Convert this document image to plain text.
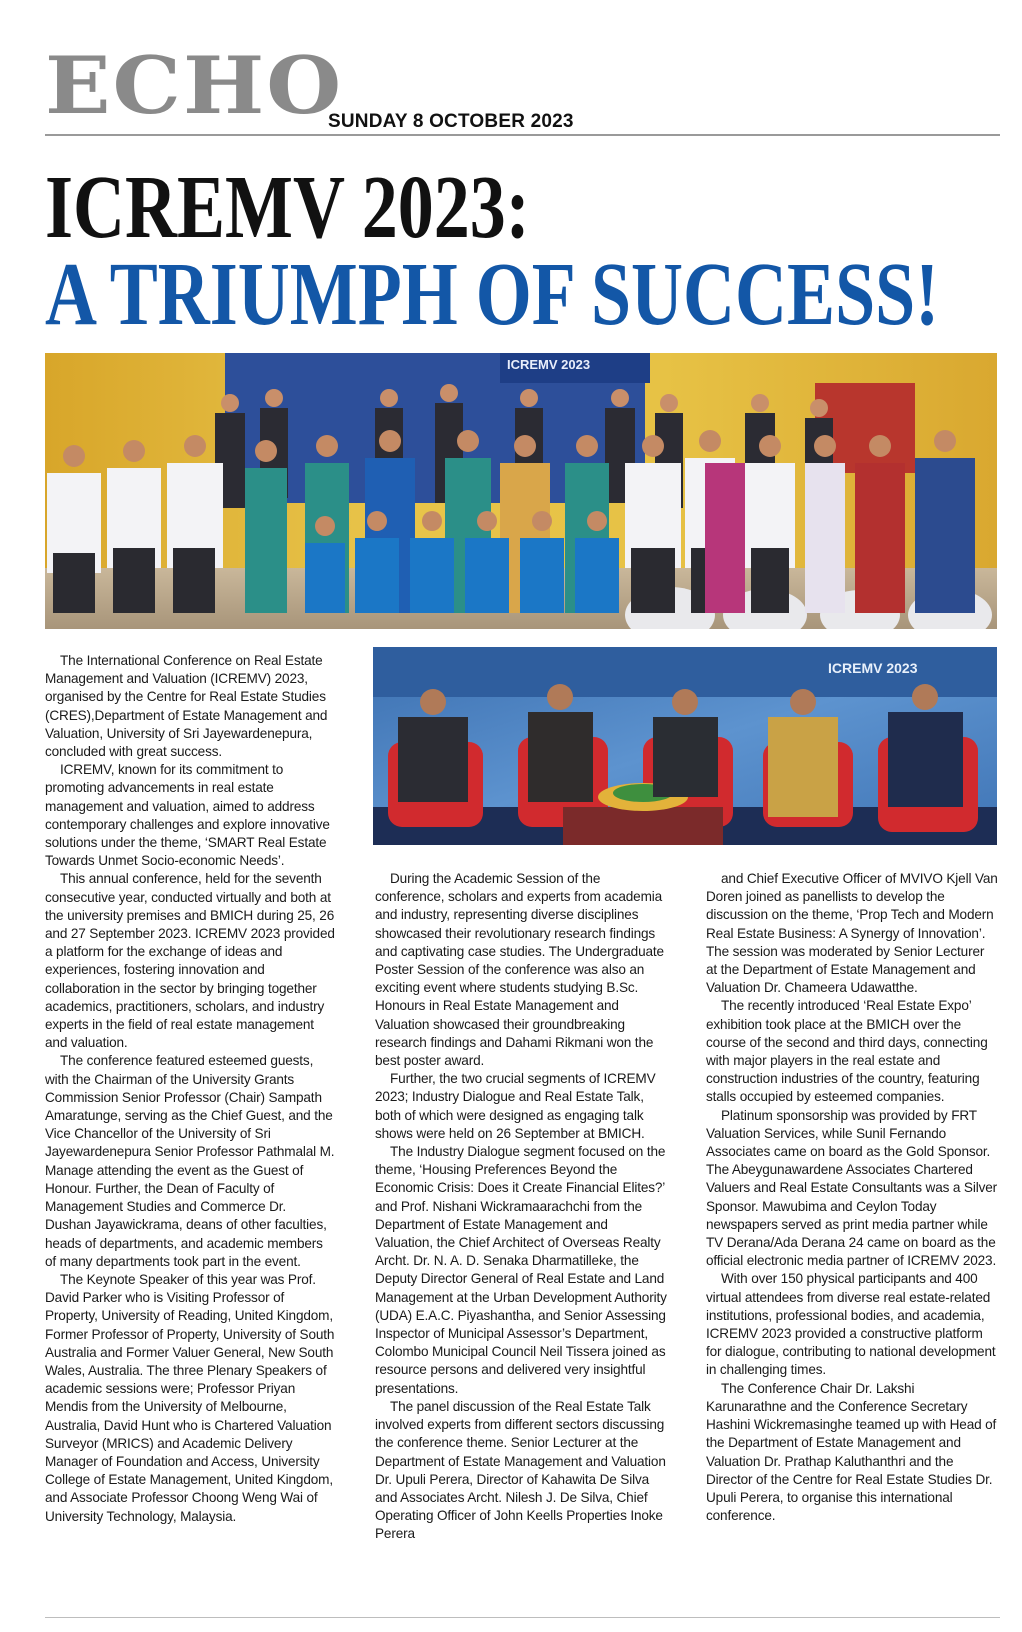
ECHO
SUNDAY 8 OCTOBER 2023
ICREMV 2023:
A TRIUMPH OF SUCCESS!
ICREMV 2023
ICREMV 2023

The International Conference on Real Estate Management and Valuation (ICREMV) 2023, organised by the Centre for Real Estate Studies (CRES),Department of Estate Management and Valuation, University of Sri Jayewardenepura, concluded with great success.

ICREMV, known for its commitment to promoting advancements in real estate management and valuation, aimed to address contemporary challenges and explore innovative solutions under the theme, ‘SMART Real Estate Towards Unmet Socio-economic Needs’.

This annual conference, held for the seventh consecutive year, conducted virtually and both at the university premises and BMICH during 25, 26 and 27 September 2023. ICREMV 2023 provided a platform for the exchange of ideas and experiences, fostering innovation and collaboration in the sector by bringing together academics, practitioners, scholars, and industry experts in the field of real estate management and valuation.

The conference featured esteemed guests, with the Chairman of the University Grants Commission Senior Professor (Chair) Sampath Amaratunge, serving as the Chief Guest, and the Vice Chancellor of the University of Sri Jayewardenepura Senior Professor Pathmalal M. Manage attending the event as the Guest of Honour. Further, the Dean of Faculty of Management Studies and Commerce Dr. Dushan Jayawickrama, deans of other faculties, heads of departments, and academic members of many departments took part in the event.

The Keynote Speaker of this year was Prof. David Parker who is Visiting Professor of Property, University of Reading, United Kingdom, Former Professor of Property, University of South Australia and Former Valuer General, New South Wales, Australia. The three Plenary Speakers of academic sessions were; Professor Priyan Mendis from the University of Melbourne, Australia, David Hunt who is Chartered Valuation Surveyor (MRICS) and Academic Delivery Manager of Foundation and Access, University College of Estate Management, United Kingdom, and Associate Professor Choong Weng Wai of University Technology, Malaysia.

During the Academic Session of the conference, scholars and experts from academia and industry, representing diverse disciplines showcased their revolutionary research findings and captivating case studies. The Undergraduate Poster Session of the conference was also an exciting event where students studying B.Sc. Honours in Real Estate Management and Valuation showcased their groundbreaking research findings and Dahami Rikmani won the best poster award.

Further, the two crucial segments of ICREMV 2023; Industry Dialogue and Real Estate Talk, both of which were designed as engaging talk shows were held on 26 September at BMICH.

The Industry Dialogue segment focused on the theme, ‘Housing Preferences Beyond the Economic Crisis: Does it Create Financial Elites?’ and Prof. Nishani Wickramaarachchi from the Department of Estate Management and Valuation, the Chief Architect of Overseas Realty Archt. Dr. N. A. D. Senaka Dharmatilleke, the Deputy Director General of Real Estate and Land Management at the Urban Development Authority (UDA) E.A.C. Piyashantha, and Senior Assessing Inspector of Municipal Assessor’s Department, Colombo Municipal Council Neil Tissera joined as resource persons and delivered very insightful presentations.

The panel discussion of the Real Estate Talk involved experts from different sectors discussing the conference theme. Senior Lecturer at the Department of Estate Management and Valuation Dr. Upuli Perera, Director of Kahawita De Silva and Associates Archt. Nilesh J. De Silva, Chief Operating Officer of John Keells Properties Inoke Perera

and Chief Executive Officer of MVIVO Kjell Van Doren joined as panellists to develop the discussion on the theme, ‘Prop Tech and Modern Real Estate Business: A Synergy of Innovation’. The session was moderated by Senior Lecturer at the Department of Estate Management and Valuation Dr. Chameera Udawatthe.

The recently introduced ‘Real Estate Expo’ exhibition took place at the BMICH over the course of the second and third days, connecting with major players in the real estate and construction industries of the country, featuring stalls occupied by esteemed companies.

Platinum sponsorship was provided by FRT Valuation Services, while Sunil Fernando Associates came on board as the Gold Sponsor. The Abeygunawardene Associates Chartered Valuers and Real Estate Consultants was a Silver Sponsor. Mawubima and Ceylon Today newspapers served as print media partner while TV Derana/Ada Derana 24 came on board as the official electronic media partner of ICREMV 2023.

With over 150 physical participants and 400 virtual attendees from diverse real estate-related institutions, professional bodies, and academia, ICREMV 2023 provided a constructive platform for dialogue, contributing to national development in challenging times.

The Conference Chair Dr. Lakshi Karunarathne and the Conference Secretary Hashini Wickremasinghe teamed up with Head of the Department of Estate Management and Valuation Dr. Prathap Kaluthanthri and the Director of the Centre for Real Estate Studies Dr. Upuli Perera, to organise this international conference.
